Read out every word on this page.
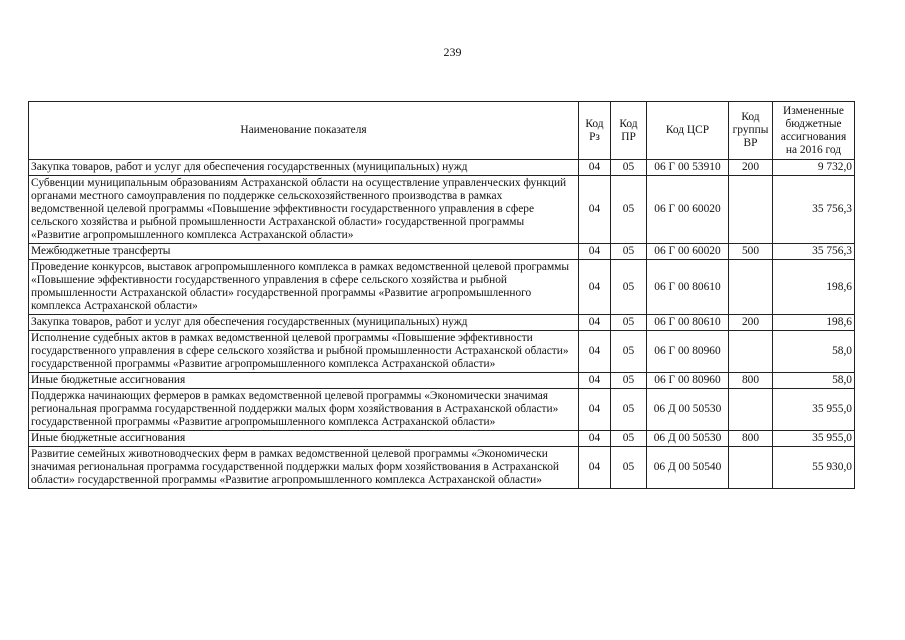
239
Наименование показателя	Код Рз	Код ПР	Код ЦСР	Код группы ВР	Измененные бюджетные ассигнования на 2016 год
Закупка товаров, работ и услуг для обеспечения государственных (муниципальных) нужд	04	05	06 Г 00 53910	200	9 732,0
Субвенции муниципальным образованиям Астраханской области на осуществление управленческих функций органами местного самоуправления по поддержке сельскохозяйственного производства в рамках ведомственной целевой программы «Повышение эффективности государственного управления в сфере сельского хозяйства и рыбной промышленности Астраханской области» государственной программы «Развитие агропромышленного комплекса Астраханской области»	04	05	06 Г 00 60020		35 756,3
Межбюджетные трансферты	04	05	06 Г 00 60020	500	35 756,3
Проведение конкурсов, выставок агропромышленного комплекса в рамках ведомственной целевой программы «Повышение эффективности государственного управления в сфере сельского хозяйства и рыбной промышленности Астраханской области» государственной программы «Развитие агропромышленного комплекса Астраханской области»	04	05	06 Г 00 80610		198,6
Закупка товаров, работ и услуг для обеспечения государственных (муниципальных) нужд	04	05	06 Г 00 80610	200	198,6
Исполнение судебных актов в рамках ведомственной целевой программы «Повышение эффективности государственного управления в сфере сельского хозяйства и рыбной промышленности Астраханской области» государственной программы «Развитие агропромышленного комплекса Астраханской области»	04	05	06 Г 00 80960		58,0
Иные бюджетные ассигнования	04	05	06 Г 00 80960	800	58,0
Поддержка начинающих фермеров в рамках ведомственной целевой программы «Экономически значимая региональная программа государственной поддержки малых форм хозяйствования в Астраханской области» государственной программы «Развитие агропромышленного комплекса Астраханской области»	04	05	06 Д 00 50530		35 955,0
Иные бюджетные ассигнования	04	05	06 Д 00 50530	800	35 955,0
Развитие семейных животноводческих ферм в рамках ведомственной целевой программы «Экономически значимая региональная программа государственной поддержки малых форм хозяйствования в Астраханской области» государственной программы «Развитие агропромышленного комплекса Астраханской области»	04	05	06 Д 00 50540		55 930,0
